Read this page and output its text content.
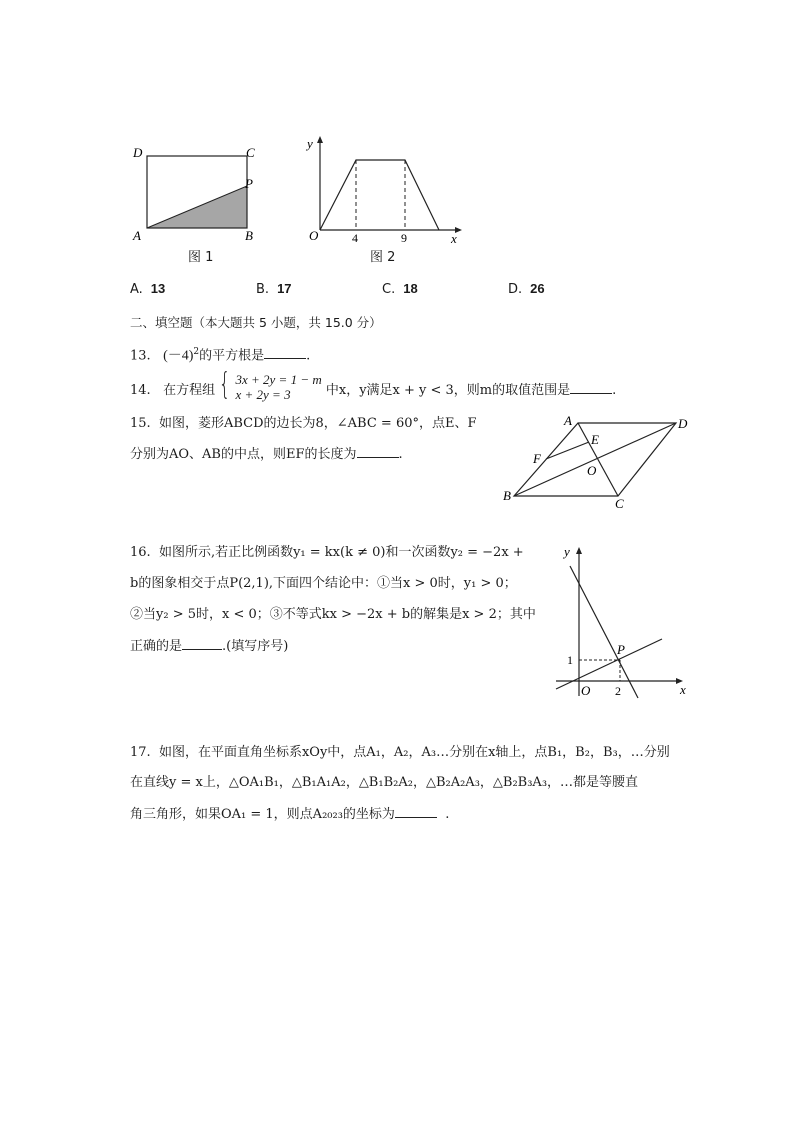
D	C
P
A	B
图 1
y
x
O	4	9
图 2
A. 13	B. 17	C. 18	D. 26
二、填空题（本大题共 5 小题，共 15.0 分）
13. $(-4)^2$的平方根是	.
14. 在方程组 { 3x + 2y = 1 − m
x + 2y = 3	中x，y满足x + y < 3，则m的取值范围是	.
15. 如图，菱形ABCD的边长为8，∠ABC = 60°，点E、F
分别为AO、AB的中点，则EF的长度为	.
A	D
E
F
O
B
C
16. 如图所示,若正比例函数y₁ = kx(k ≠ 0)和一次函数y₂ = −2x +
b的图象相交于点P(2,1),下面四个结论中：①当x > 0时，y₁ > 0；
②当y₂ > 5时，x < 0；③不等式kx > −2x + b的解集是x > 2；其中
正确的是	.(填写序号)
y
x
O
P
1
2
17. 如图，在平面直角坐标系xOy中，点A₁，A₂，A₃…分别在x轴上，点B₁，B₂，B₃，…分别
在直线y = x上，△OA₁B₁，△B₁A₁A₂，△B₁B₂A₂，△B₂A₂A₃，△B₂B₃A₃，…都是等腰直
角三角形，如果OA₁ = 1，则点A₂₀₂₃的坐标为	.
